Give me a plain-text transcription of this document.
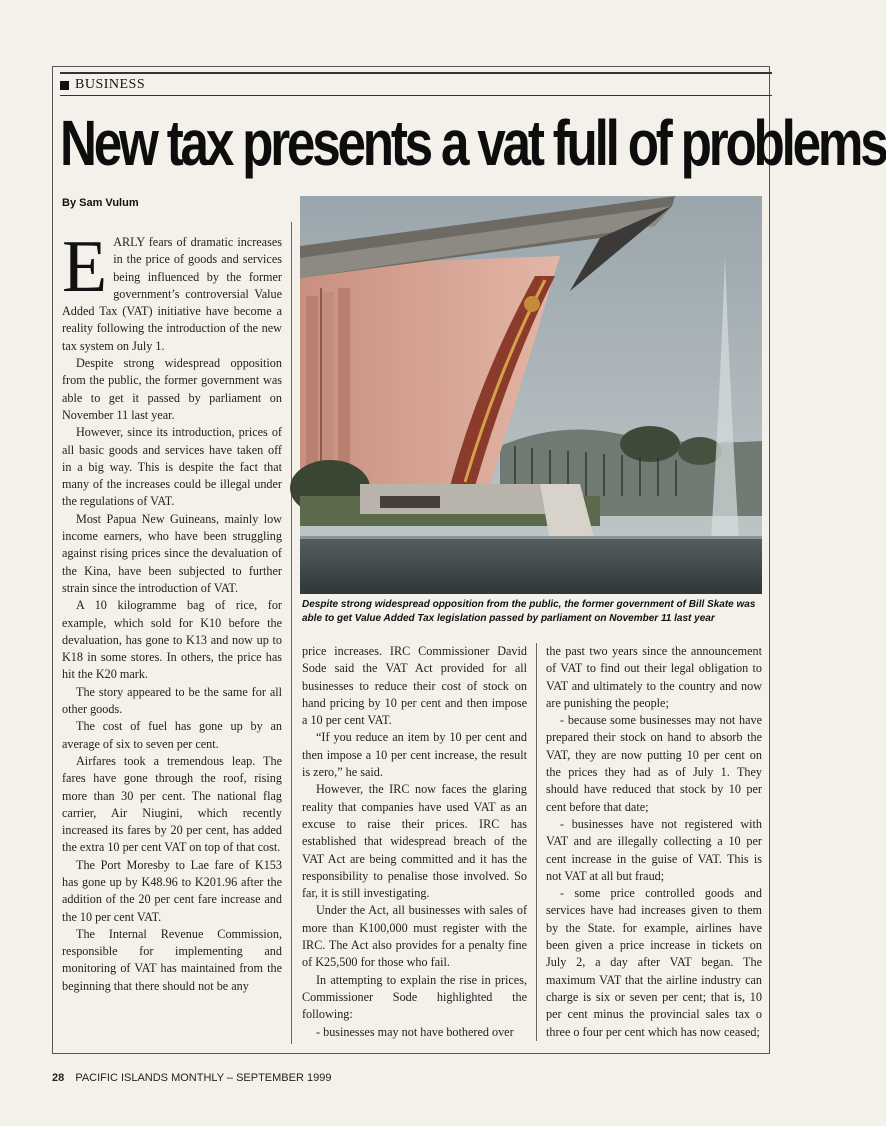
BUSINESS
New tax presents a vat full of problems
By Sam Vulum
E ARLY fears of dramatic increases in the price of goods and services being influenced by the former government’s controversial Value Added Tax (VAT) initiative have become a reality following the introduction of the new tax system on July 1.

Despite strong widespread opposition from the public, the former government was able to get it passed by parliament on November 11 last year.

However, since its introduction, prices of all basic goods and services have taken off in a big way. This is despite the fact that many of the increases could be illegal under the regulations of VAT.

Most Papua New Guineans, mainly low income earners, who have been struggling against rising prices since the devaluation of the Kina, have been subjected to further strain since the introduction of VAT.

A 10 kilogramme bag of rice, for example, which sold for K10 before the devaluation, has gone to K13 and now up to K18 in some stores. In others, the price has hit the K20 mark.

The story appeared to be the same for all other goods.

The cost of fuel has gone up by an average of six to seven per cent.

Airfares took a tremendous leap. The fares have gone through the roof, rising more than 30 per cent. The national flag carrier, Air Niugini, which recently increased its fares by 20 per cent, has added the extra 10 per cent VAT on top of that cost.

The Port Moresby to Lae fare of K153 has gone up by K48.96 to K201.96 after the addition of the 20 per cent fare increase and the 10 per cent VAT.

The Internal Revenue Commission, responsible for implementing and monitoring of VAT has maintained from the beginning that there should not be any

Despite strong widespread opposition from the public, the former government of Bill Skate was able to get Value Added Tax legislation passed by parliament on November 11 last year

price increases. IRC Commissioner David Sode said the VAT Act provided for all businesses to reduce their cost of stock on hand pricing by 10 per cent and then impose a 10 per cent VAT.

“If you reduce an item by 10 per cent and then impose a 10 per cent increase, the result is zero,” he said.

However, the IRC now faces the glaring reality that companies have used VAT as an excuse to raise their prices. IRC has established that widespread breach of the VAT Act are being committed and it has the responsibility to penalise those involved. So far, it is still investigating.

Under the Act, all businesses with sales of more than K100,000 must register with the IRC. The Act also provides for a penalty fine of K25,500 for those who fail.

In attempting to explain the rise in prices, Commissioner Sode highlighted the following:

- businesses may not have bothered over

the past two years since the announcement of VAT to find out their legal obligation to VAT and ultimately to the country and now are punishing the people;

- because some businesses may not have prepared their stock on hand to absorb the VAT, they are now putting 10 per cent on the prices they had as of July 1. They should have reduced that stock by 10 per cent before that date;

- businesses have not registered with VAT and are illegally collecting a 10 per cent increase in the guise of VAT. This is not VAT at all but fraud;

- some price controlled goods and services have had increases given to them by the State. for example, airlines have been given a price increase in tickets on July 2, a day after VAT began. The maximum VAT that the airline industry can charge is six or seven per cent; that is, 10 per cent minus the provincial sales tax o three o four per cent which has now ceased;

28 PACIFIC ISLANDS MONTHLY – SEPTEMBER 1999
